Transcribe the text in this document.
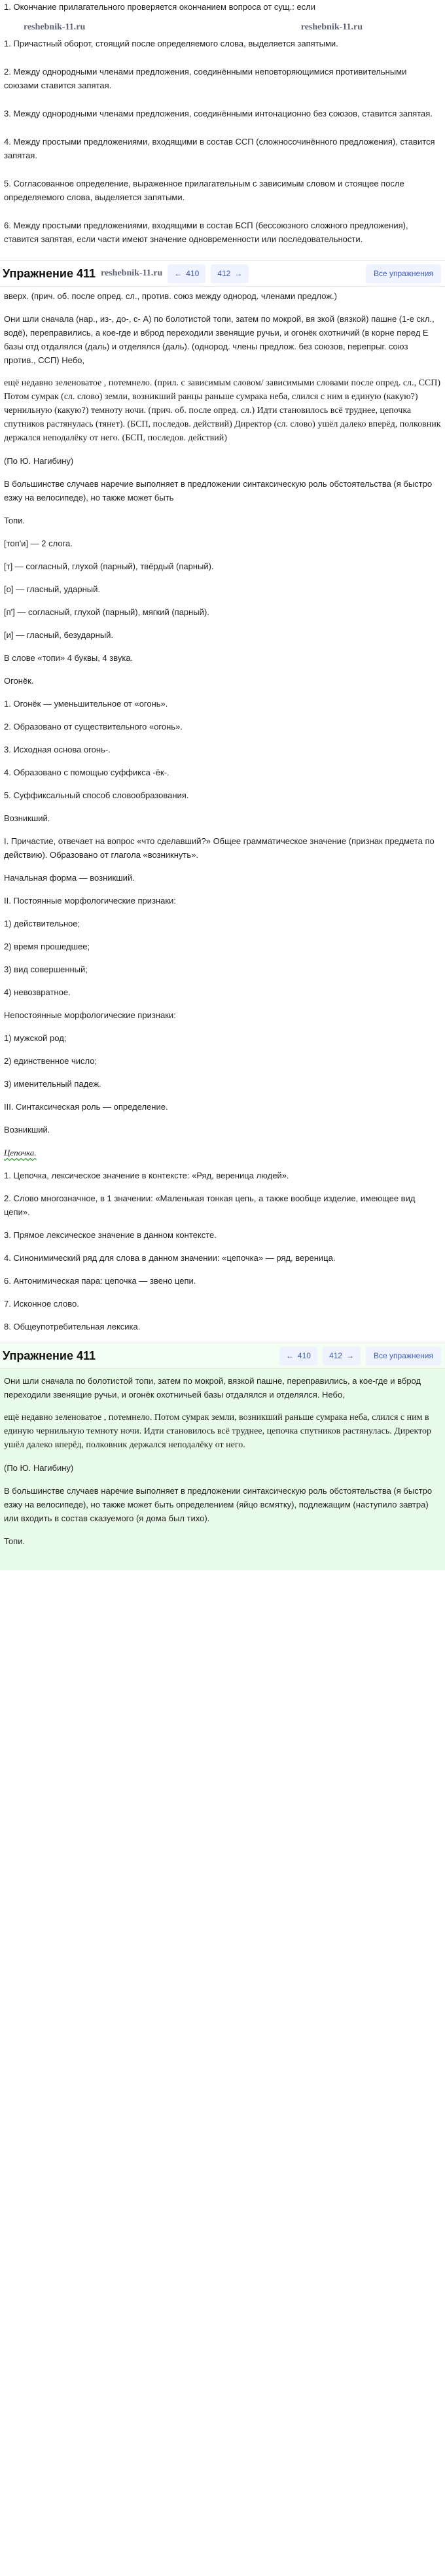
1. Окончание прилагательного проверяется окончанием вопроса от сущ.: если

reshebnik-11.ru	reshebnik-11.ru

1. Причастный оборот, стоящий после определяемого слова, выделяется запятыми.

2. Между однородными членами предложения, соединёнными неповторяющимися противительными союзами ставится запятая.

3. Между однородными членами предложения, соединёнными интонационно без союзов, ставится запятая.

4. Между простыми предложениями, входящими в состав ССП (сложносочинённого предложения), ставится запятая.

5. Согласованное определение, выраженное прилагательным с зависимым словом и стоящее после определяемого слова, выделяется запятыми.

6. Между простыми предложениями, входящими в состав БСП (бессоюзного сложного предложения), ставится запятая, если части имеют значение одновременности или последовательности.

Упражнение 411 reshebnik-11.ru ← 410 412 →	Все упражнения

вверх. (прич. об. после опред. сл., против. союз между однород. членами предлож.)

Они шли сначала (нар., из-, до-, с- А) по болотистой топи, затем по мокрой, вя зкой (вязкой) пашне (1-е скл., водё), переправились, а кое-где и вброд переходили звенящие ручьи, и огонёк охотничий (в корне перед Е базы отд отдалялся (даль) и отделялся (даль). (однород. члены предлож. без союзов, перепрыг. союз против., ССП) Небо,

ещё недавно зеленоватое , потемнело. (прил. с зависимым словом/ зависимыми словами после опред. сл., ССП) Потом сумрак (сл. слово) земли, возникший ранцы раньше сумрака неба, слился с ним в единую (какую?) чернильную (какую?) темноту ночи. (прич. об. после опред. сл.) Идти становилось всё труднее, цепочка спутников растянулась (тянет). (БСП, последов. действий) Директор (сл. слово) ушёл далеко вперёд, полковник держался неподалёку от него. (БСП, последов. действий)

(По Ю. Нагибину)

В большинстве случаев наречие выполняет в предложении синтаксическую роль обстоятельства (я быстро езжу на велосипеде), но также может быть

Топи.

[топ'и] — 2 слога.

[т] — согласный, глухой (парный), твёрдый (парный).

[о] — гласный, ударный.

[п'] — согласный, глухой (парный), мягкий (парный).

[и] — гласный, безударный.

В слове «топи» 4 буквы, 4 звука.

Огонёк.

1. Огонёк — уменьшительное от «огонь».

2. Образовано от существительного «огонь».

3. Исходная основа огонь-.

4. Образовано с помощью суффикса -ёк-.

5. Суффиксальный способ словообразования.

Возникший.

I. Причастие, отвечает на вопрос «что сделавший?» Общее грамматическое значение (признак предмета по действию). Образовано от глагола «возникнуть».

Начальная форма — возникший.

II. Постоянные морфологические признаки:

1) действительное;

2) время прошедшее;

3) вид совершенный;

4) невозвратное.

Непостоянные морфологические признаки:

1) мужской род;

2) единственное число;

3) именительный падеж.

III. Синтаксическая роль — определение.

Возникший.

Цепочка.

1. Цепочка, лексическое значение в контексте: «Ряд, вереница людей».

2. Слово многозначное, в 1 значении: «Маленькая тонкая цепь, а также вообще изделие, имеющее вид цепи».

3. Прямое лексическое значение в данном контексте.

4. Синонимический ряд для слова в данном значении: «цепочка» — ряд, вереница.

6. Антонимическая пара: цепочка — звено цепи.

7. Исконное слово.

8. Общеупотребительная лексика.

Упражнение 411	← 410 412 →	Все упражнения

Они шли сначала по болотистой топи, затем по мокрой, вязкой пашне, переправились, а кое-где и вброд переходили звенящие ручьи, и огонёк охотничьей базы отдалялся и отделялся. Небо,

ещё недавно зеленоватое , потемнело. Потом сумрак земли, возникший раньше сумрака неба, слился с ним в единую чернильную темноту ночи. Идти становилось всё труднее, цепочка спутников растянулась. Директор ушёл далеко вперёд, полковник держался неподалёку от него.

(По Ю. Нагибину)

В большинстве случаев наречие выполняет в предложении синтаксическую роль обстоятельства (я быстро езжу на велосипеде), но также может быть определением (яйцо всмятку), подлежащим (наступило завтра) или входить в состав сказуемого (я дома был тихо).

Топи.
